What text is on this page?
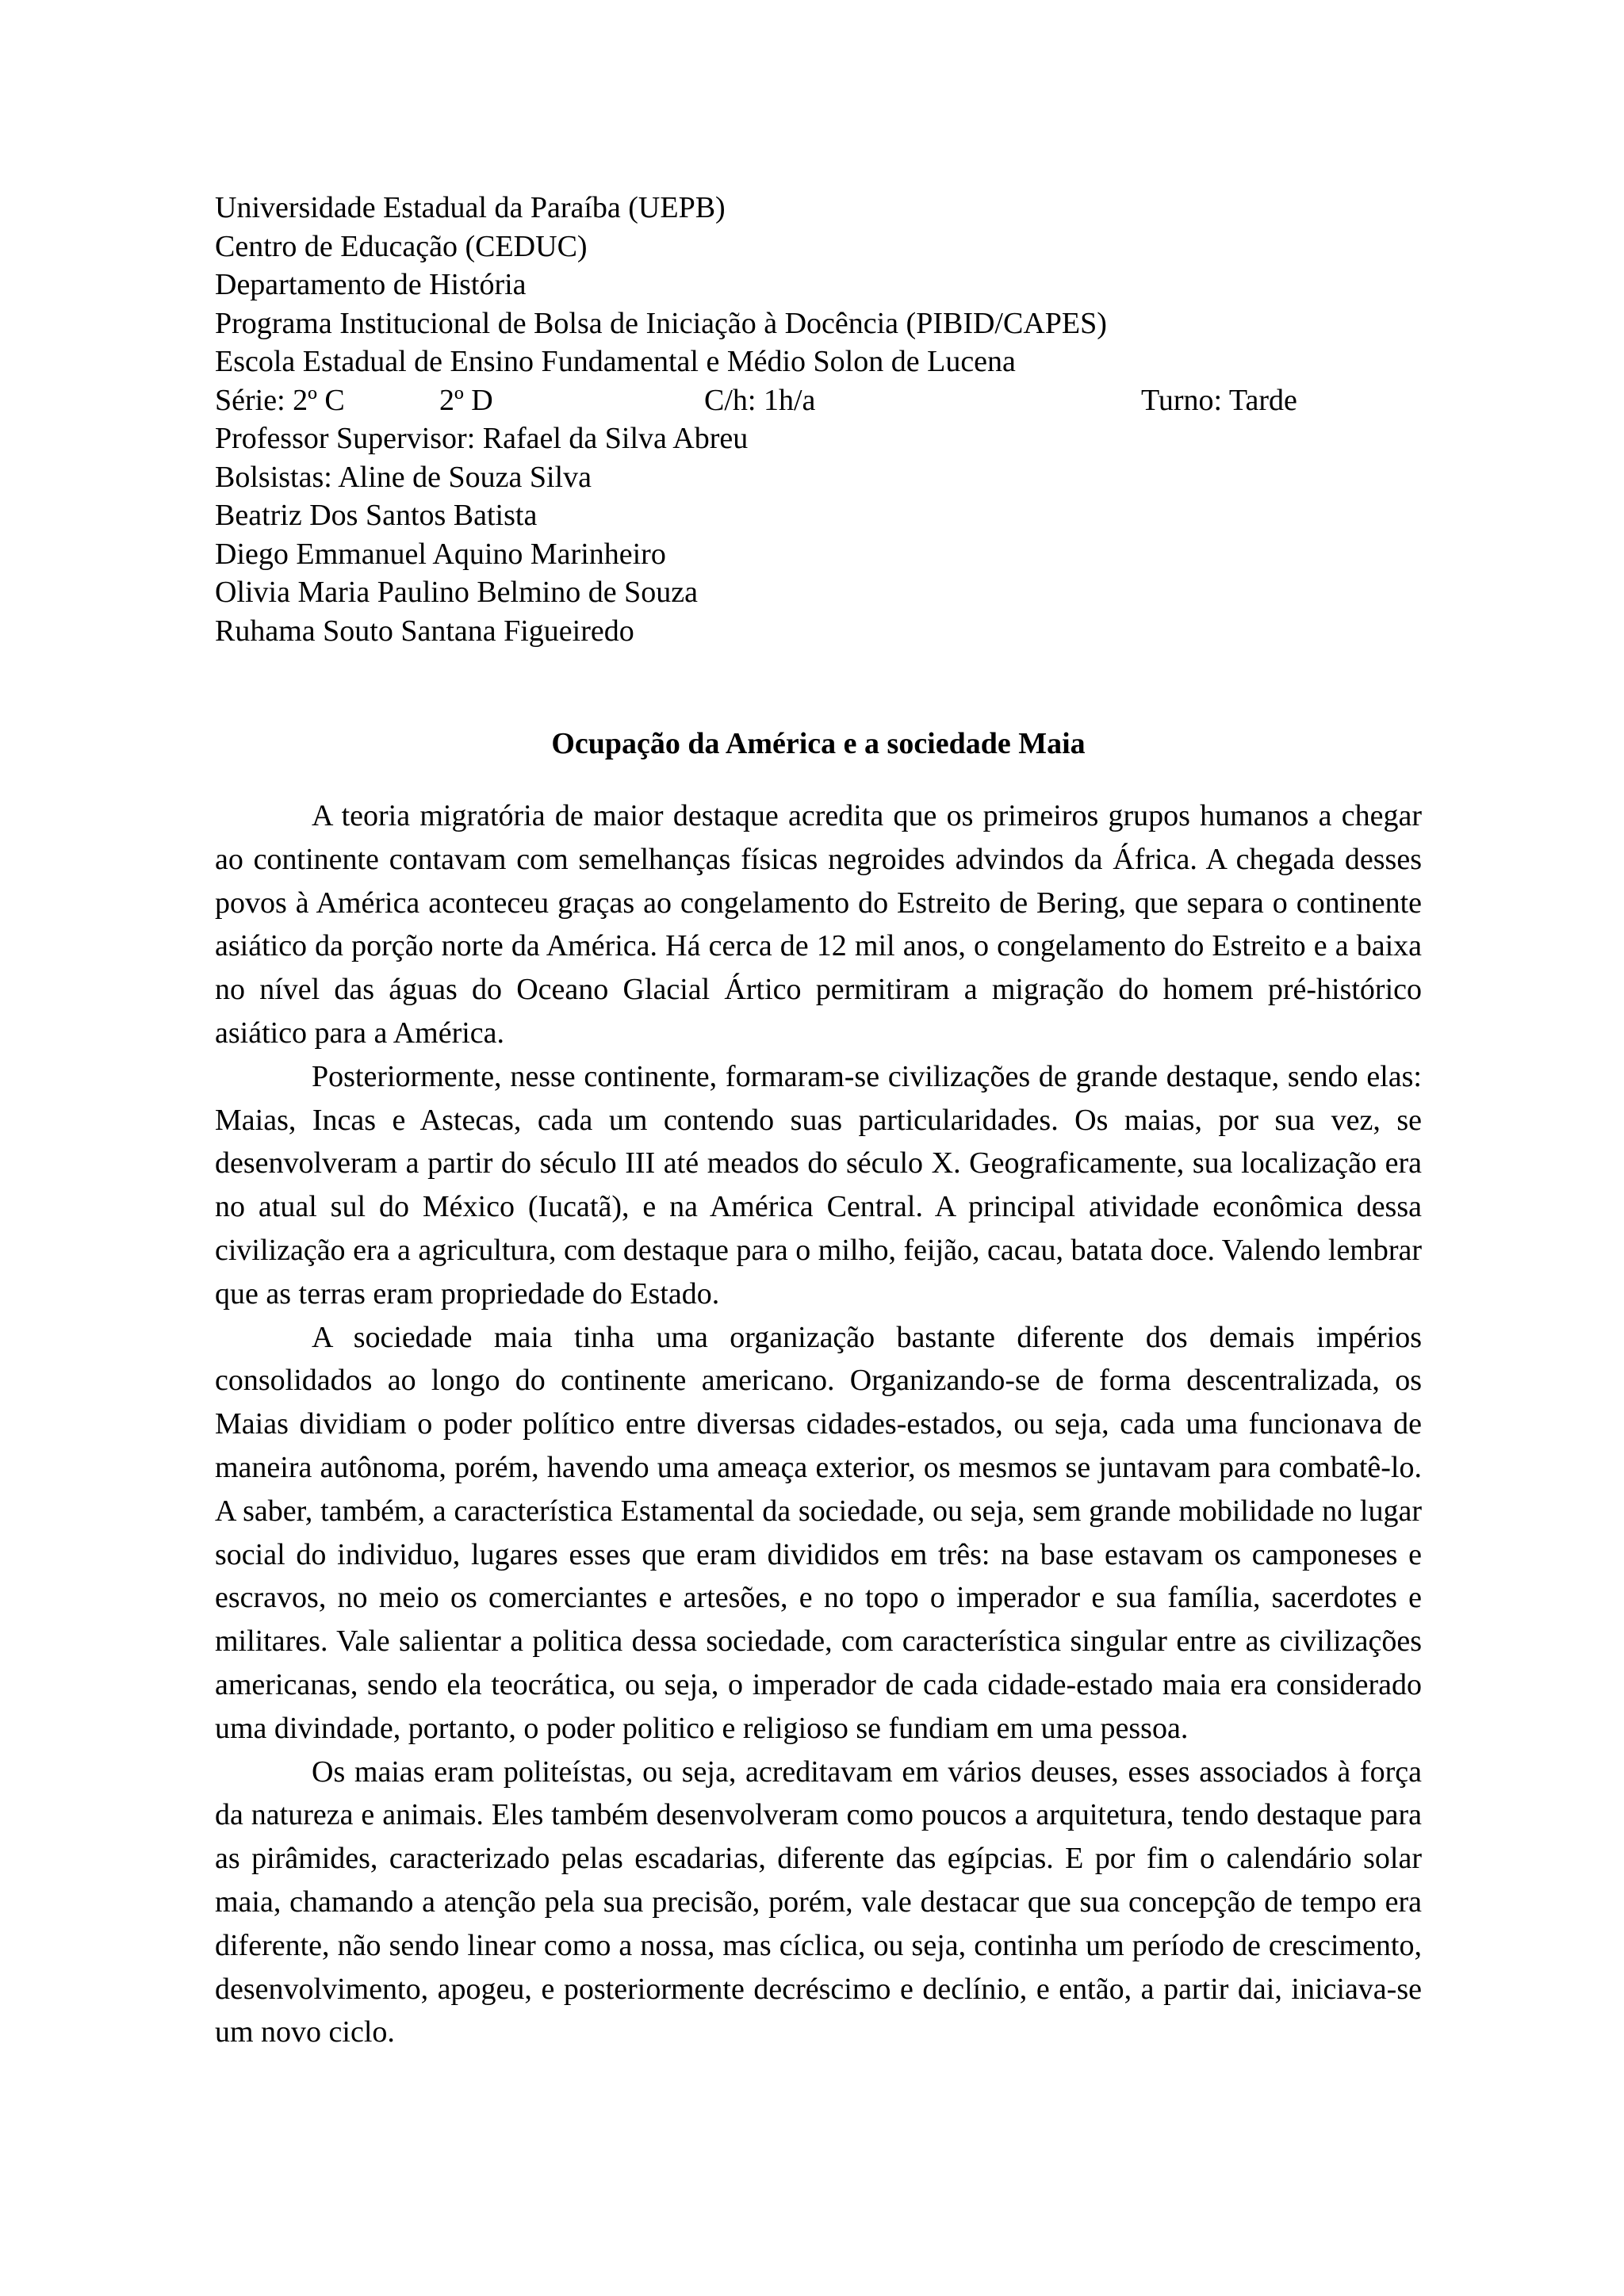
Universidade Estadual da Paraíba (UEPB)
Centro de Educação (CEDUC)
Departamento de História
Programa Institucional de Bolsa de Iniciação à Docência (PIBID/CAPES)
Escola Estadual de Ensino Fundamental e Médio Solon de Lucena
Série: 2º C	2º D	C/h: 1h/a	Turno: Tarde
Professor Supervisor: Rafael da Silva Abreu
Bolsistas: Aline de Souza Silva
Beatriz Dos Santos Batista
Diego Emmanuel Aquino Marinheiro
Olivia Maria Paulino Belmino de Souza
Ruhama Souto Santana Figueiredo
Ocupação da América e a sociedade Maia

A teoria migratória de maior destaque acredita que os primeiros grupos humanos a chegar ao continente contavam com semelhanças físicas negroides advindos da África. A chegada desses povos à América aconteceu graças ao congelamento do Estreito de Bering, que separa o continente asiático da porção norte da América. Há cerca de 12 mil anos, o congelamento do Estreito e a baixa no nível das águas do Oceano Glacial Ártico permitiram a migração do homem pré-histórico asiático para a América.

Posteriormente, nesse continente, formaram-se civilizações de grande destaque, sendo elas: Maias, Incas e Astecas, cada um contendo suas particularidades. Os maias, por sua vez, se desenvolveram a partir do século III até meados do século X. Geograficamente, sua localização era no atual sul do México (Iucatã), e na América Central. A principal atividade econômica dessa civilização era a agricultura, com destaque para o milho, feijão, cacau, batata doce. Valendo lembrar que as terras eram propriedade do Estado.

A sociedade maia tinha uma organização bastante diferente dos demais impérios consolidados ao longo do continente americano. Organizando-se de forma descentralizada, os Maias dividiam o poder político entre diversas cidades-estados, ou seja, cada uma funcionava de maneira autônoma, porém, havendo uma ameaça exterior, os mesmos se juntavam para combatê-lo. A saber, também, a característica Estamental da sociedade, ou seja, sem grande mobilidade no lugar social do individuo, lugares esses que eram divididos em três: na base estavam os camponeses e escravos, no meio os comerciantes e artesões, e no topo o imperador e sua família, sacerdotes e militares. Vale salientar a politica dessa sociedade, com característica singular entre as civilizações americanas, sendo ela teocrática, ou seja, o imperador de cada cidade-estado maia era considerado uma divindade, portanto, o poder politico e religioso se fundiam em uma pessoa.

Os maias eram politeístas, ou seja, acreditavam em vários deuses, esses associados à força da natureza e animais. Eles também desenvolveram como poucos a arquitetura, tendo destaque para as pirâmides, caracterizado pelas escadarias, diferente das egípcias. E por fim o calendário solar maia, chamando a atenção pela sua precisão, porém, vale destacar que sua concepção de tempo era diferente, não sendo linear como a nossa, mas cíclica, ou seja, continha um período de crescimento, desenvolvimento, apogeu, e posteriormente decréscimo e declínio, e então, a partir dai, iniciava-se um novo ciclo.
